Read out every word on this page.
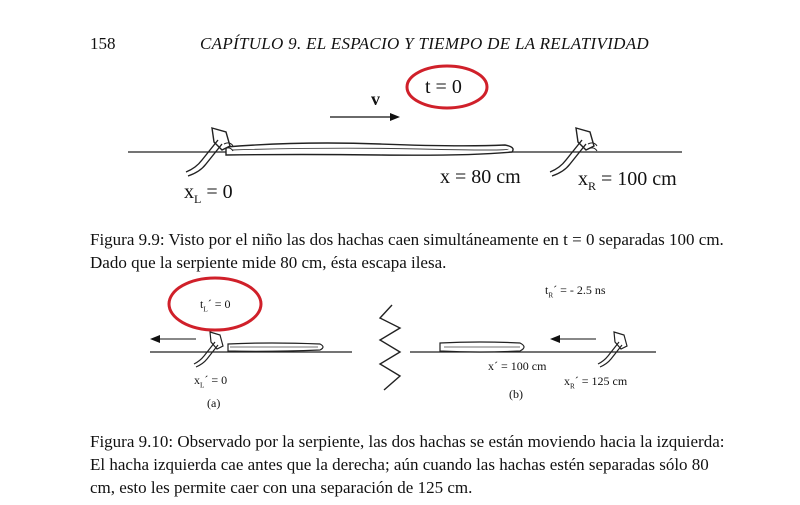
158	CAPÍTULO 9. EL ESPACIO Y TIEMPO DE LA RELATIVIDAD
v
t = 0
$x_L = 0$
x = 80 cm	$x_R = 100$ cm
Figura 9.9: Visto por el niño las dos hachas caen simultáneamente en t = 0 separadas 100 cm. Dado que la serpiente mide 80 cm, ésta escapa ilesa.
$t_L´ = 0$
$t_R´$ = - 2.5 ns
$x_L´ = 0$
x´ = 100 cm
$x_R´ = 125$ cm
(a)
(b)
Figura 9.10: Observado por la serpiente, las dos hachas se están moviendo hacia la izquierda: El hacha izquierda cae antes que la derecha; aún cuando las hachas estén separadas sólo 80 cm, esto les permite caer con una separación de 125 cm.
